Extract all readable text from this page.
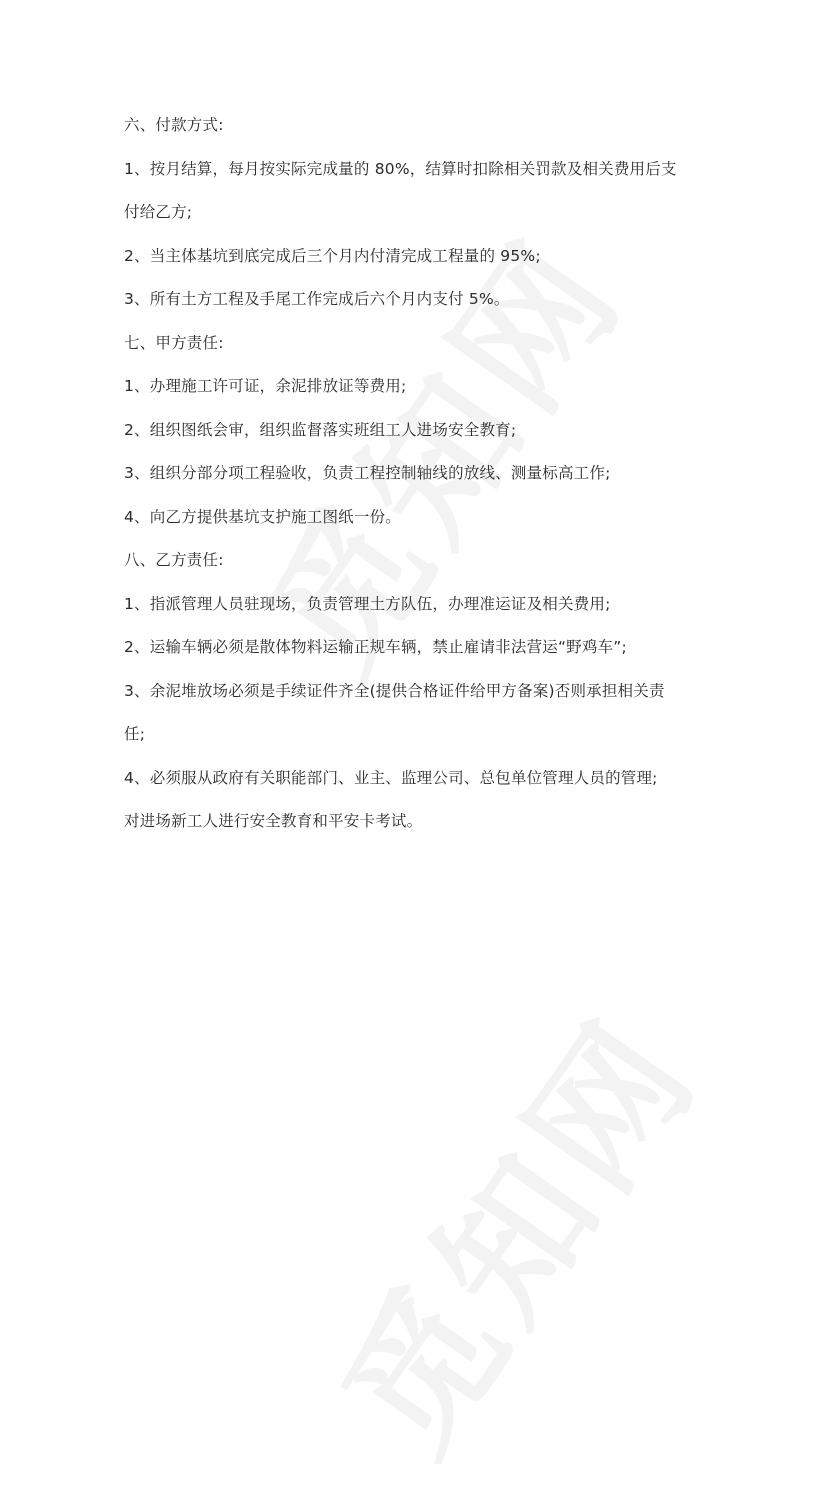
六、付款方式:
1、按月结算，每月按实际完成量的 80%，结算时扣除相关罚款及相关费用后支
付给乙方;
2、当主体基坑到底完成后三个月内付清完成工程量的 95%;
3、所有土方工程及手尾工作完成后六个月内支付 5%。
七、甲方责任:
1、办理施工许可证，余泥排放证等费用;
2、组织图纸会审，组织监督落实班组工人进场安全教育;
3、组织分部分项工程验收，负责工程控制轴线的放线、测量标高工作;
4、向乙方提供基坑支护施工图纸一份。
八、乙方责任:
1、指派管理人员驻现场，负责管理土方队伍，办理准运证及相关费用;
2、运输车辆必须是散体物料运输正规车辆，禁止雇请非法营运“野鸡车”;
3、余泥堆放场必须是手续证件齐全(提供合格证件给甲方备案)否则承担相关责
任;
4、必须服从政府有关职能部门、业主、监理公司、总包单位管理人员的管理;
对进场新工人进行安全教育和平安卡考试。
